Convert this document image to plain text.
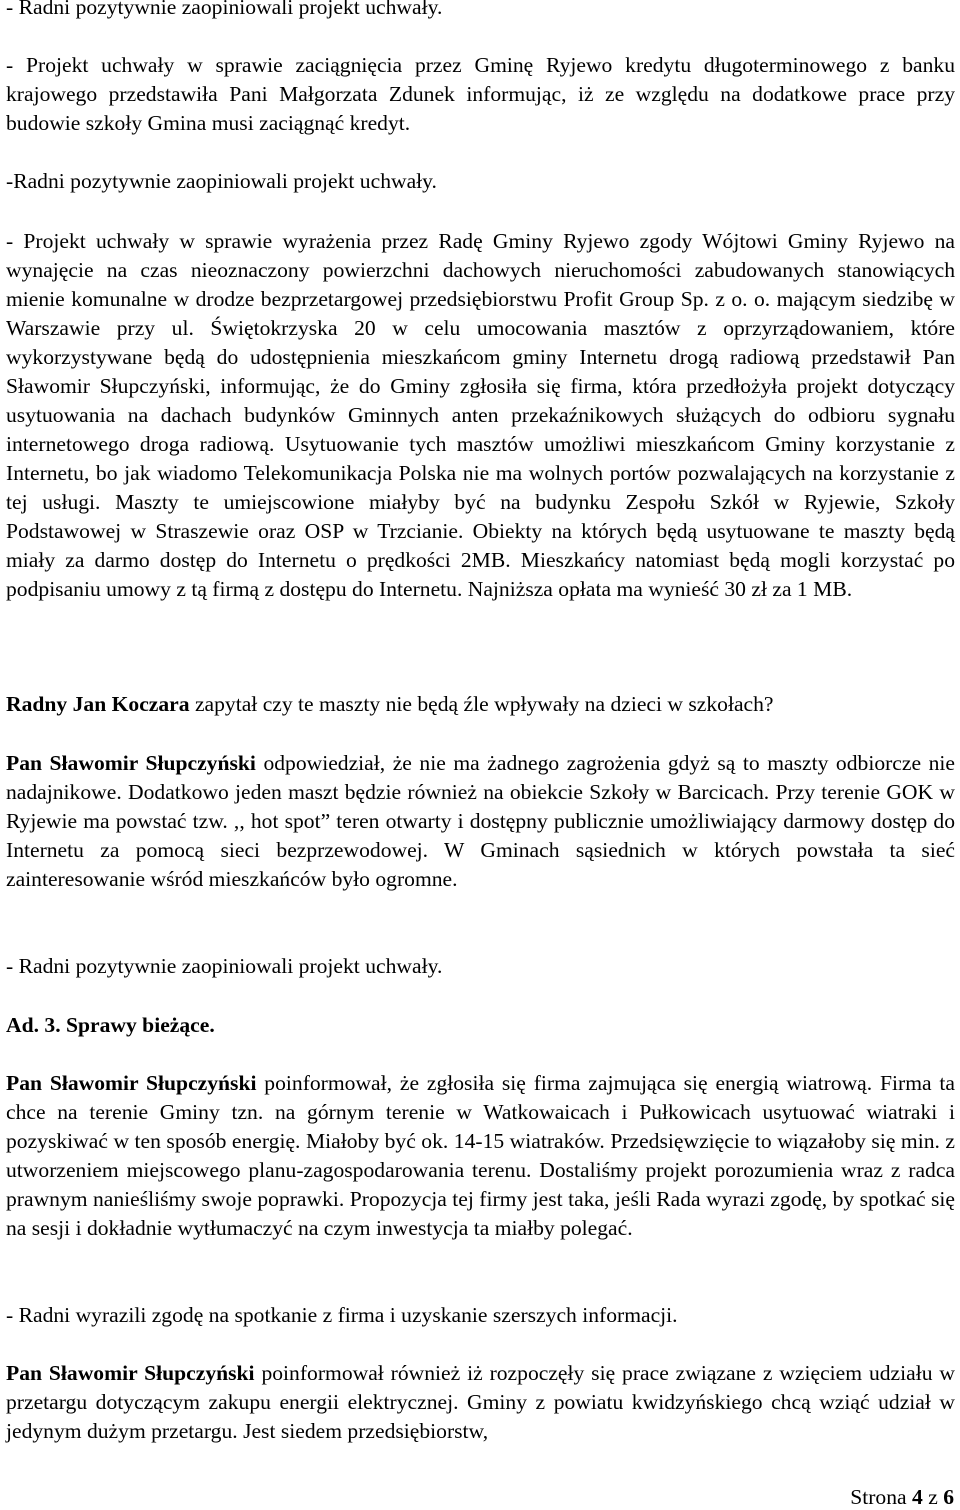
- Radni pozytywnie zaopiniowali projekt uchwały.

- Projekt uchwały w sprawie zaciągnięcia przez Gminę Ryjewo kredytu długoterminowego z banku krajowego przedstawiła Pani Małgorzata Zdunek informując, iż ze względu na dodatkowe prace przy budowie szkoły Gmina musi zaciągnąć kredyt.

-Radni pozytywnie zaopiniowali projekt uchwały.

- Projekt uchwały w sprawie wyrażenia przez Radę Gminy Ryjewo zgody Wójtowi Gminy Ryjewo na wynajęcie na czas nieoznaczony powierzchni dachowych nieruchomości zabudowanych stanowiących mienie komunalne w drodze bezprzetargowej przedsiębiorstwu Profit Group Sp. z o. o. mającym siedzibę w Warszawie przy ul. Świętokrzyska 20 w celu umocowania masztów z oprzyrządowaniem, które wykorzystywane będą do udostępnienia mieszkańcom gminy Internetu drogą radiową przedstawił Pan Sławomir Słupczyński, informując, że do Gminy zgłosiła się firma, która przedłożyła projekt dotyczący usytuowania na dachach budynków Gminnych anten przekaźnikowych służących do odbioru sygnału internetowego droga radiową. Usytuowanie tych masztów umożliwi mieszkańcom Gminy korzystanie z Internetu, bo jak wiadomo Telekomunikacja Polska nie ma wolnych portów pozwalających na korzystanie z tej usługi. Maszty te umiejscowione miałyby być na budynku Zespołu Szkół w Ryjewie, Szkoły Podstawowej w Straszewie oraz OSP w Trzcianie. Obiekty na których będą usytuowane te maszty będą miały za darmo dostęp do Internetu o prędkości 2MB. Mieszkańcy natomiast będą mogli korzystać po podpisaniu umowy z tą firmą z dostępu do Internetu. Najniższa opłata ma wynieść 30 zł za 1 MB.

Radny Jan Koczara zapytał czy te maszty nie będą źle wpływały na dzieci w szkołach?

Pan Sławomir Słupczyński odpowiedział, że nie ma żadnego zagrożenia gdyż są to maszty odbiorcze nie nadajnikowe. Dodatkowo jeden maszt będzie również na obiekcie Szkoły w Barcicach. Przy terenie GOK w Ryjewie ma powstać tzw. ,, hot spot” teren otwarty i dostępny publicznie umożliwiający darmowy dostęp do Internetu za pomocą sieci bezprzewodowej. W Gminach sąsiednich w których powstała ta sieć zainteresowanie wśród mieszkańców było ogromne.

- Radni pozytywnie zaopiniowali projekt uchwały.

Ad. 3. Sprawy bieżące.

Pan Sławomir Słupczyński poinformował, że zgłosiła się firma zajmująca się energią wiatrową. Firma ta chce na terenie Gminy tzn. na górnym terenie w Watkowaicach i Pułkowicach usytuować wiatraki i pozyskiwać w ten sposób energię. Miałoby być ok. 14-15 wiatraków. Przedsięwzięcie to wiązałoby się min. z utworzeniem miejscowego planu-zagospodarowania terenu. Dostaliśmy projekt porozumienia wraz z radca prawnym nanieśliśmy swoje poprawki. Propozycja tej firmy jest taka, jeśli Rada wyrazi zgodę, by spotkać się na sesji i dokładnie wytłumaczyć na czym inwestycja ta miałby polegać.

- Radni wyrazili zgodę na spotkanie z firma i uzyskanie szerszych informacji.

Pan Sławomir Słupczyński poinformował również iż rozpoczęły się prace związane z wzięciem udziału w przetargu dotyczącym zakupu energii elektrycznej. Gminy z powiatu kwidzyńskiego chcą wziąć udział w jedynym dużym przetargu. Jest siedem przedsiębiorstw,

Strona 4 z 6
